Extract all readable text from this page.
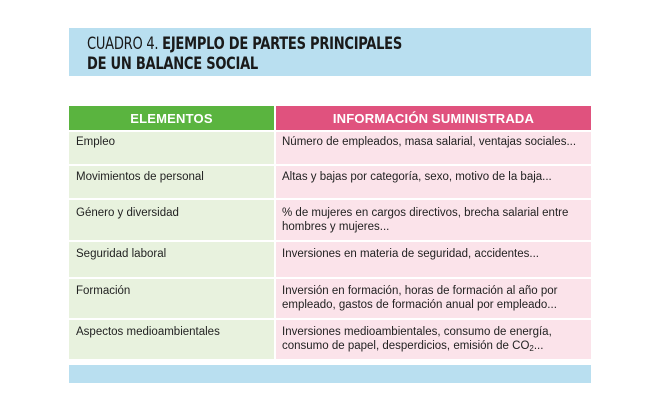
CUADRO 4. EJEMPLO DE PARTES PRINCIPALES
DE UN BALANCE SOCIAL
ELEMENTOS	INFORMACIÓN SUMINISTRADA
Empleo	Número de empleados, masa salarial, ventajas sociales...
Movimientos de personal	Altas y bajas por categoría, sexo, motivo de la baja...
Género y diversidad	% de mujeres en cargos directivos, brecha salarial entre hombres y mujeres...
Seguridad laboral	Inversiones en materia de seguridad, accidentes...
Formación	Inversión en formación, horas de formación al año por empleado, gastos de formación anual por empleado...
Aspectos medioambientales	Inversiones medioambientales, consumo de energía, consumo de papel, desperdicios, emisión de $CO_2$...
